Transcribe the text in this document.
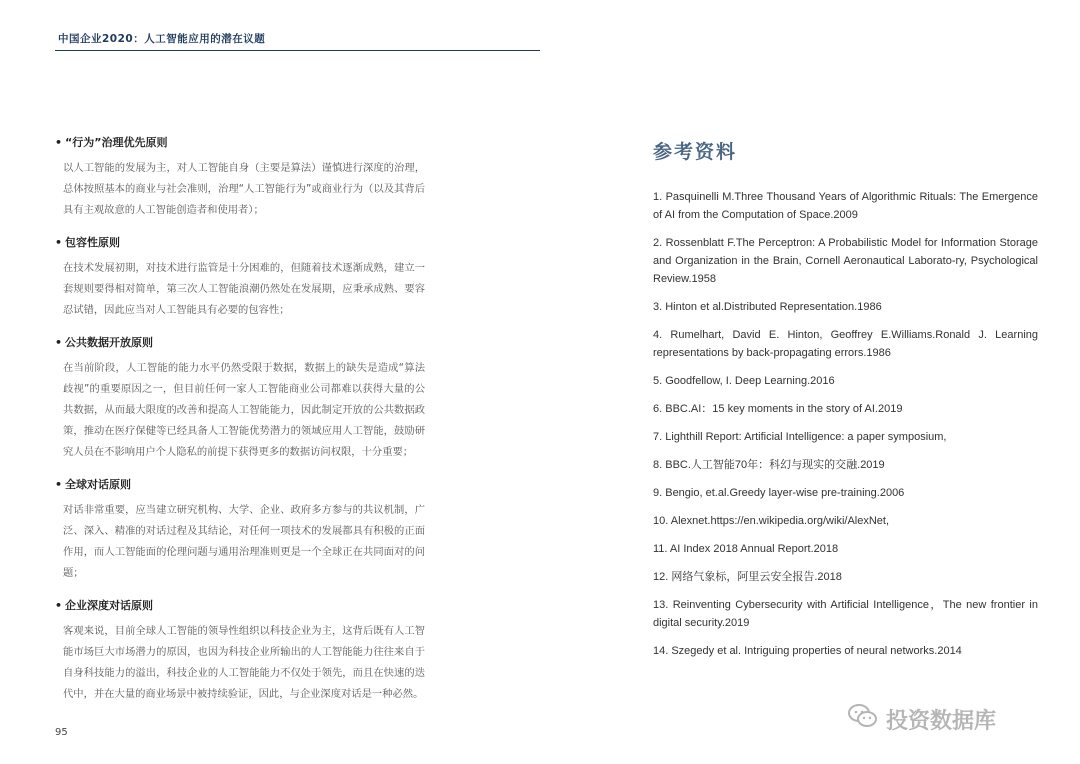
中国企业2020：人工智能应用的潜在议题
• “行为”治理优先原则
以人工智能的发展为主，对人工智能自身（主要是算法）谨慎进行深度的治理，总体按照基本的商业与社会准则，治理“人工智能行为”或商业行为（以及其背后具有主观故意的人工智能创造者和使用者）；
• 包容性原则
在技术发展初期，对技术进行监管是十分困难的，但随着技术逐渐成熟，建立一套规则要得相对简单，第三次人工智能浪潮仍然处在发展期，应秉承成熟、要容忍试错，因此应当对人工智能具有必要的包容性；
• 公共数据开放原则
在当前阶段，人工智能的能力水平仍然受限于数据，数据上的缺失是造成“算法歧视”的重要原因之一，但目前任何一家人工智能商业公司都难以获得大量的公共数据，从而最大限度的改善和提高人工智能能力，因此制定开放的公共数据政策，推动在医疗保健等已经具备人工智能优势潜力的领域应用人工智能，鼓励研究人员在不影响用户个人隐私的前提下获得更多的数据访问权限，十分重要；
• 全球对话原则
对话非常重要，应当建立研究机构、大学、企业、政府多方参与的共议机制，广泛、深入、精准的对话过程及其结论，对任何一项技术的发展都具有积极的正面作用，而人工智能面的伦理问题与通用治理准则更是一个全球正在共同面对的问题；
• 企业深度对话原则
客观来说，目前全球人工智能的领导性组织以科技企业为主，这背后既有人工智能市场巨大市场潜力的原因，也因为科技企业所输出的人工智能能力往往来自于自身科技能力的溢出，科技企业的人工智能能力不仅处于领先，而且在快速的迭代中，并在大量的商业场景中被持续验证，因此，与企业深度对话是一种必然。
95
参考资料
1. Pasquinelli M.Three Thousand Years of Algorithmic Rituals: The Emergence of AI from the Computation of Space.2009
2. Rossenblatt F.The Perceptron: A Probabilistic Model for Information Storage and Organization in the Brain, Cornell Aeronautical Laborato-ry, Psychological Review.1958
3. Hinton et al.Distributed Representation.1986
4. Rumelhart, David E. Hinton, Geoffrey E.Williams.Ronald J. Learning representations by back-propagating errors.1986
5. Goodfellow, I. Deep Learning.2016
6. BBC.AI：15 key moments in the story of AI.2019
7. Lighthill Report: Artificial Intelligence: a paper symposium,
8. BBC.人工智能70年：科幻与现实的交融.2019
9. Bengio, et.al.Greedy layer-wise pre-training.2006
10. Alexnet.https://en.wikipedia.org/wiki/AlexNet,
11. AI Index 2018 Annual Report.2018
12. 网络气象标，阿里云安全报告.2018
13. Reinventing Cybersecurity with Artificial Intelligence，The new frontier in digital security.2019
14. Szegedy et al. Intriguing properties of neural networks.2014
投资数据库
